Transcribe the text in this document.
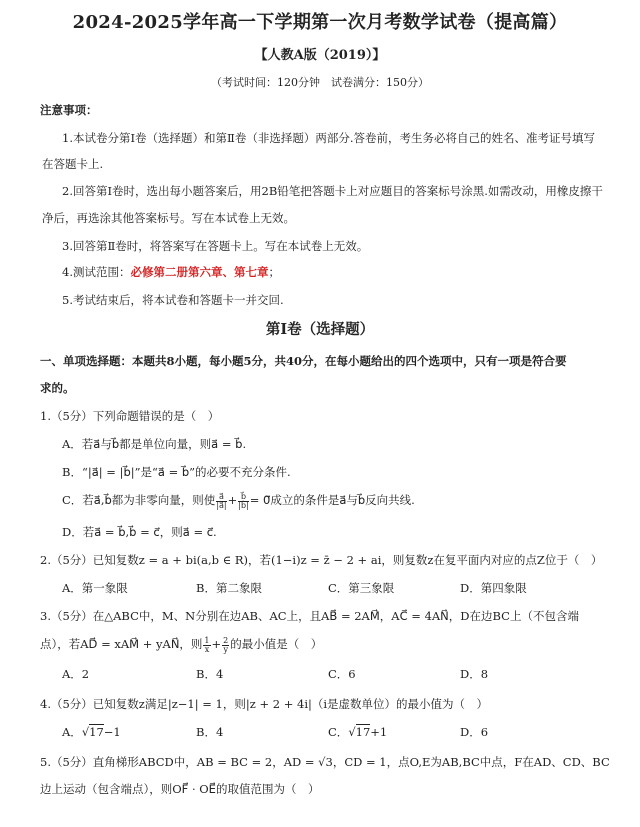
2024-2025学年高一下学期第一次月考数学试卷（提高篇）
【人教A版（2019）】
（考试时间：120分钟　试卷满分：150分）
注意事项：
1.本试卷分第Ⅰ卷（选择题）和第Ⅱ卷（非选择题）两部分.答卷前，考生务必将自己的姓名、准考证号填写
在答题卡上.
2.回答第Ⅰ卷时，选出每小题答案后，用2B铅笔把答题卡上对应题目的答案标号涂黑.如需改动，用橡皮擦干
净后，再选涂其他答案标号。写在本试卷上无效。
3.回答第Ⅱ卷时，将答案写在答题卡上。写在本试卷上无效。
4.测试范围：必修第二册第六章、第七章；
5.考试结束后，将本试卷和答题卡一并交回.
第Ⅰ卷（选择题）
一、单项选择题：本题共8小题，每小题5分，共40分，在每小题给出的四个选项中，只有一项是符合要
求的。
1.（5分）下列命题错误的是（　）
A．若a⃗与b⃗都是单位向量，则a⃗ = b⃗.
B．“|a⃗| = |b⃗|”是“a⃗ = b⃗”的必要不充分条件.
C．若a⃗,b⃗都为非零向量，则使 $\frac{a⃗}{|a⃗|} + \frac{b⃗}{|b⃗|}$ = 0⃗成立的条件是a⃗与b⃗反向共线.
D．若a⃗ = b⃗,b⃗ = c⃗，则a⃗ = c⃗.
2.（5分）已知复数z = a + bi(a,b ∈ R)，若(1−i)z = z̄ − 2 + ai，则复数z在复平面内对应的点Z位于（　）
A．第一象限	B．第二象限	C．第三象限	D．第四象限
3.（5分）在△ABC中，M、N分别在边AB、AC上，且AB⃗ = 2AM⃗，AC⃗ = 4AN⃗，D在边BC上（不包含端
点），若AD⃗ = xAM⃗ + yAN⃗，则 $\frac{1}{x} + \frac{2}{y}$ 的最小值是（　）
A．2	B．4	C．6	D．8
4.（5分）已知复数z满足|z−1| = 1，则|z + 2 + 4i|（i是虚数单位）的最小值为（　）
A．√17−1	B．4	C．√17+1	D．6
5.（5分）直角梯形ABCD中，AB = BC = 2，AD = √3，CD = 1，点O,E为AB,BC中点，F在AD、CD、BC
边上运动（包含端点），则OF⃗ · OE⃗的取值范围为（　）
